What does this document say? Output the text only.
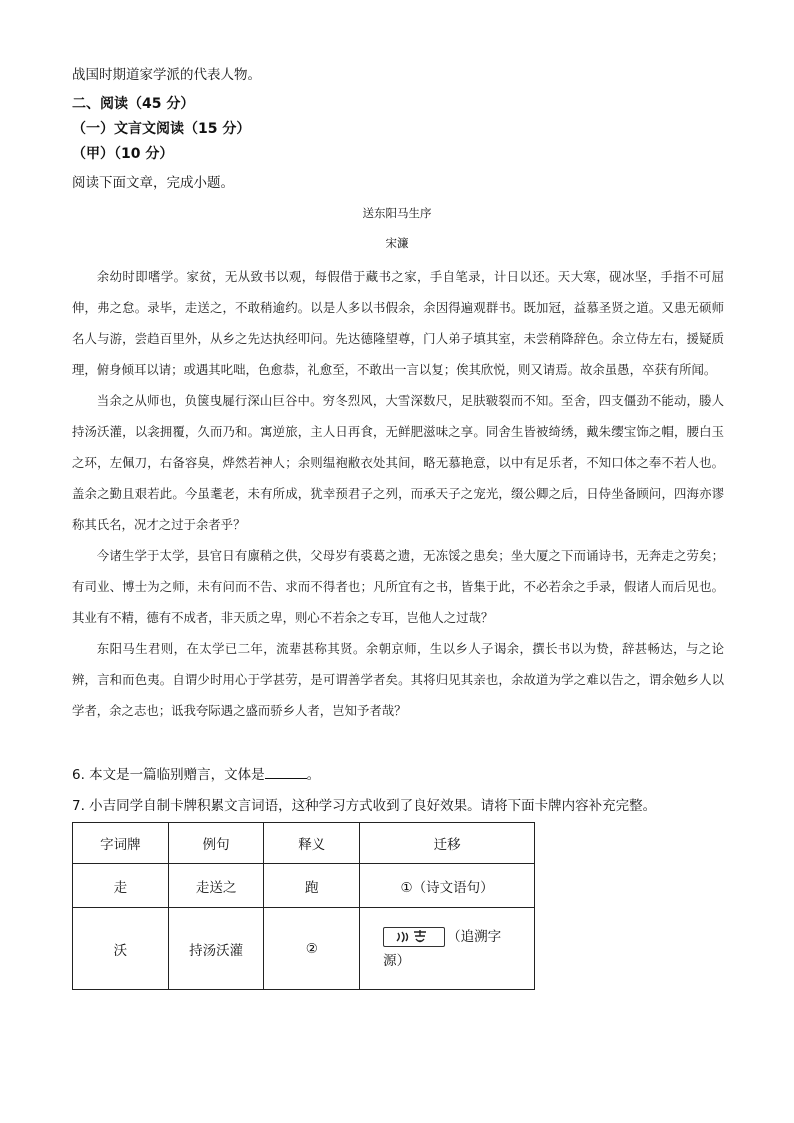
战国时期道家学派的代表人物。
二、阅读（45 分）
（一）文言文阅读（15 分）
（甲）（10 分）
阅读下面文章，完成小题。
送东阳马生序
宋濂

余幼时即嗜学。家贫，无从致书以观，每假借于藏书之家，手自笔录，计日以还。天大寒，砚冰坚，手指不可屈伸，弗之怠。录毕，走送之，不敢稍逾约。以是人多以书假余，余因得遍观群书。既加冠，益慕圣贤之道。又患无硕师名人与游，尝趋百里外，从乡之先达执经叩问。先达德隆望尊，门人弟子填其室，未尝稍降辞色。余立侍左右，援疑质理，俯身倾耳以请；或遇其叱咄，色愈恭，礼愈至，不敢出一言以复；俟其欣悦，则又请焉。故余虽愚，卒获有所闻。

当余之从师也，负箧曳屣行深山巨谷中。穷冬烈风，大雪深数尺，足肤皲裂而不知。至舍，四支僵劲不能动，媵人持汤沃灌，以衾拥覆，久而乃和。寓逆旅，主人日再食，无鲜肥滋味之享。同舍生皆被绮绣，戴朱缨宝饰之帽，腰白玉之环，左佩刀，右备容臭，烨然若神人；余则缊袍敝衣处其间，略无慕艳意，以中有足乐者，不知口体之奉不若人也。盖余之勤且艰若此。今虽耄老，未有所成，犹幸预君子之列，而承天子之宠光，缀公卿之后，日侍坐备顾问，四海亦谬称其氏名，况才之过于余者乎？

今诸生学于太学，县官日有廪稍之供，父母岁有裘葛之遗，无冻馁之患矣；坐大厦之下而诵诗书，无奔走之劳矣；有司业、博士为之师，未有问而不告、求而不得者也；凡所宜有之书，皆集于此，不必若余之手录，假诸人而后见也。其业有不精，德有不成者，非天质之卑，则心不若余之专耳，岂他人之过哉？

东阳马生君则，在太学已二年，流辈甚称其贤。余朝京师，生以乡人子谒余，撰长书以为贽，辞甚畅达，与之论辨，言和而色夷。自谓少时用心于学甚劳，是可谓善学者矣。其将归见其亲也，余故道为学之难以告之，谓余勉乡人以学者，余之志也；诋我夸际遇之盛而骄乡人者，岂知予者哉？

6. 本文是一篇临别赠言，文体是	。
7. 小吉同学自制卡牌积累文言词语，这种学习方式收到了良好效果。请将下面卡牌内容补充完整。
字词牌	例句	释义	迁移
走	走送之	跑	①（诗文语句）
沃	持汤沃灌	②	（追溯字源）
